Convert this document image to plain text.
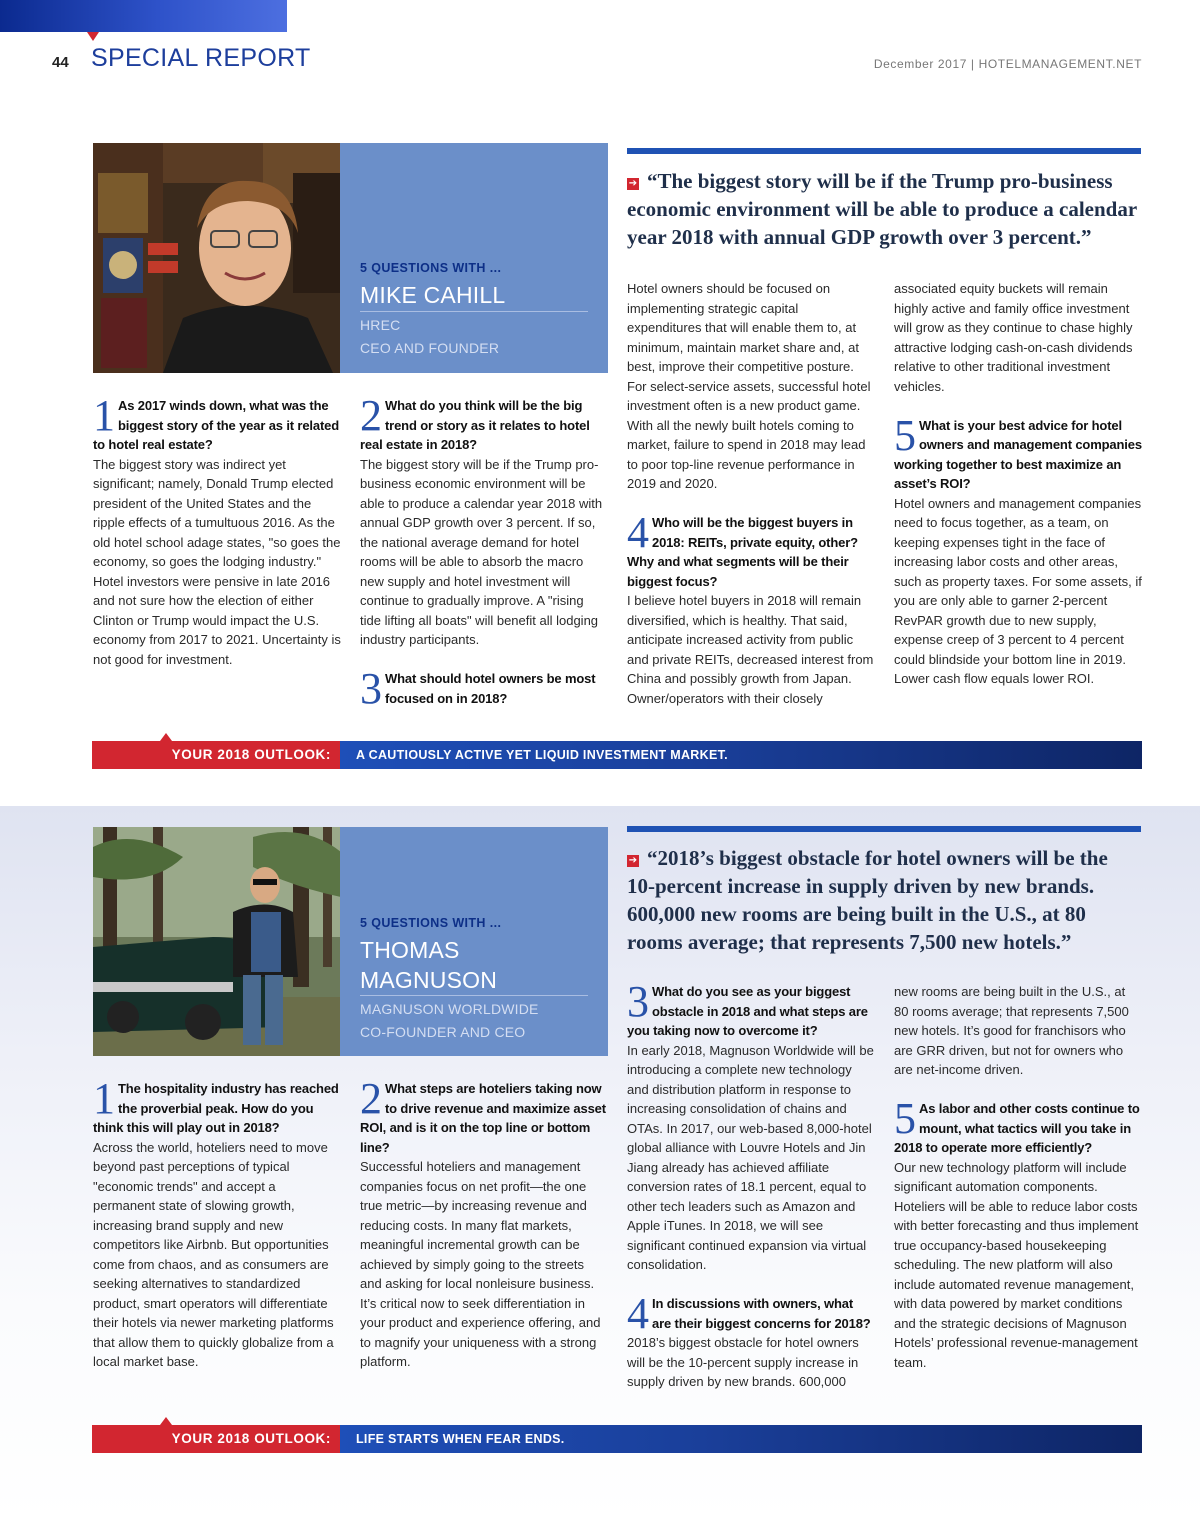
44 SPECIAL REPORT	December 2017 | HOTELMANAGEMENT.NET
5 QUESTIONS WITH ...
MIKE CAHILL
HREC
CEO AND FOUNDER
➔ “The biggest story will be if the Trump pro-business economic environment will be able to produce a calendar year 2018 with annual GDP growth over 3 percent.”
1 As 2017 winds down, what was the biggest story of the year as it related to hotel real estate?

The biggest story was indirect yet significant; namely, Donald Trump elected president of the United States and the ripple effects of a tumultuous 2016. As the old hotel school adage states, "so goes the economy, so goes the lodging industry." Hotel investors were pensive in late 2016 and not sure how the election of either Clinton or Trump would impact the U.S. economy from 2017 to 2021. Uncertainty is not good for investment.

2 What do you think will be the big trend or story as it relates to hotel real estate in 2018?

The biggest story will be if the Trump pro-business economic environment will be able to produce a calendar year 2018 with annual GDP growth over 3 percent. If so, the national average demand for hotel rooms will be able to absorb the macro new supply and hotel investment will continue to gradually improve. A "rising tide lifting all boats" will benefit all lodging industry participants.

3 What should hotel owners be most focused on in 2018?

Hotel owners should be focused on implementing strategic capital expenditures that will enable them to, at minimum, maintain market share and, at best, improve their competitive posture. For select-service assets, successful hotel investment often is a new product game. With all the newly built hotels coming to market, failure to spend in 2018 may lead to poor top-line revenue performance in 2019 and 2020.

4 Who will be the biggest buyers in 2018: REITs, private equity, other? Why and what segments will be their biggest focus?

I believe hotel buyers in 2018 will remain diversified, which is healthy. That said, anticipate increased activity from public and private REITs, decreased interest from China and possibly growth from Japan. Owner/operators with their closely

associated equity buckets will remain highly active and family office investment will grow as they continue to chase highly attractive lodging cash-on-cash dividends relative to other traditional investment vehicles.

5 What is your best advice for hotel owners and management companies working together to best maximize an asset’s ROI?

Hotel owners and management companies need to focus together, as a team, on keeping expenses tight in the face of increasing labor costs and other areas, such as property taxes. For some assets, if you are only able to garner 2-percent RevPAR growth due to new supply, expense creep of 3 percent to 4 percent could blindside your bottom line in 2019. Lower cash flow equals lower ROI.

YOUR 2018 OUTLOOK: A CAUTIOUSLY ACTIVE YET LIQUID INVESTMENT MARKET.
5 QUESTIONS WITH ...
THOMAS
MAGNUSON
MAGNUSON WORLDWIDE
CO-FOUNDER AND CEO
➔ “2018’s biggest obstacle for hotel owners will be the 10-percent increase in supply driven by new brands. 600,000 new rooms are being built in the U.S., at 80 rooms average; that represents 7,500 new hotels.”
1 The hospitality industry has reached the proverbial peak. How do you think this will play out in 2018?

Across the world, hoteliers need to move beyond past perceptions of typical "economic trends" and accept a permanent state of slowing growth, increasing brand supply and new competitors like Airbnb. But opportunities come from chaos, and as consumers are seeking alternatives to standardized product, smart operators will differentiate their hotels via newer marketing platforms that allow them to quickly globalize from a local market base.

2 What steps are hoteliers taking now to drive revenue and maximize asset ROI, and is it on the top line or bottom line?

Successful hoteliers and management companies focus on net profit—the one true metric—by increasing revenue and reducing costs. In many flat markets, meaningful incremental growth can be achieved by simply going to the streets and asking for local nonleisure business. It’s critical now to seek differentiation in your product and experience offering, and to magnify your uniqueness with a strong platform.

3 What do you see as your biggest obstacle in 2018 and what steps are you taking now to overcome it?

In early 2018, Magnuson Worldwide will be introducing a complete new technology and distribution platform in response to increasing consolidation of chains and OTAs. In 2017, our web-based 8,000-hotel global alliance with Louvre Hotels and Jin Jiang already has achieved affiliate conversion rates of 18.1 percent, equal to other tech leaders such as Amazon and Apple iTunes. In 2018, we will see significant continued expansion via virtual consolidation.

4 In discussions with owners, what are their biggest concerns for 2018?

2018’s biggest obstacle for hotel owners will be the 10-percent supply increase in supply driven by new brands. 600,000

new rooms are being built in the U.S., at 80 rooms average; that represents 7,500 new hotels. It’s good for franchisors who are GRR driven, but not for owners who are net-income driven.

5 As labor and other costs continue to mount, what tactics will you take in 2018 to operate more efficiently?

Our new technology platform will include significant automation components. Hoteliers will be able to reduce labor costs with better forecasting and thus implement true occupancy-based housekeeping scheduling. The new platform will also include automated revenue management, with data powered by market conditions and the strategic decisions of Magnuson Hotels’ professional revenue-management team.

YOUR 2018 OUTLOOK: LIFE STARTS WHEN FEAR ENDS.
